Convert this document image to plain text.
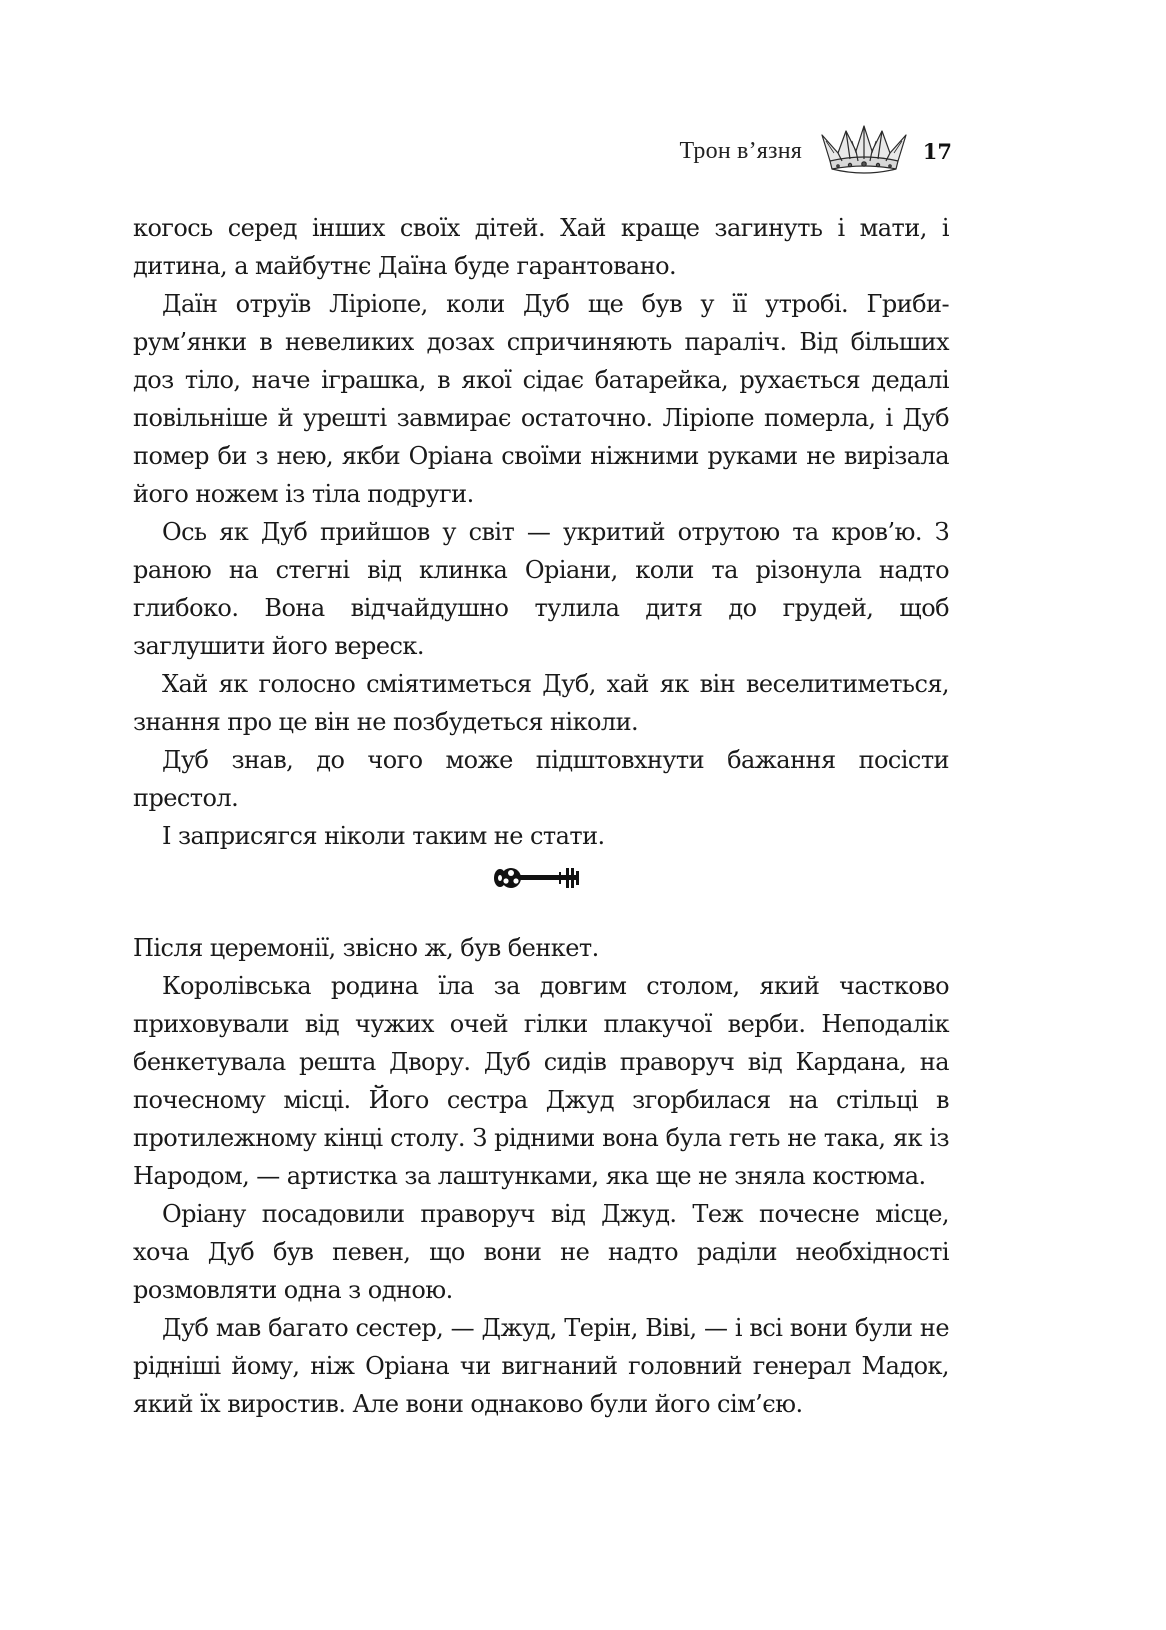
Трон в’язня	17

когось серед інших своїх дітей. Хай краще загинуть і мати, і дитина, а майбутнє Даїна буде гарантовано.

Даїн отруїв Ліріопе, коли Дуб ще був у її утробі. Гриби-рум’янки в невеликих дозах спричиняють параліч. Від більших доз тіло, наче іграшка, в якої сідає батарейка, рухається дедалі повільніше й урешті завмирає остаточно. Ліріопе померла, і Дуб помер би з нею, якби Оріана своїми ніжними руками не вирізала його ножем із тіла подруги.

Ось як Дуб прийшов у світ — укритий отрутою та кров’ю. З раною на стегні від клинка Оріани, коли та різонула надто глибоко. Вона відчайдушно тулила дитя до грудей, щоб заглушити його вереск.

Хай як голосно сміятиметься Дуб, хай як він веселитиметься, знання про це він не позбудеться ніколи.

Дуб знав, до чого може підштовхнути бажання посісти престол.

І заприсягся ніколи таким не стати.

Після церемонії, звісно ж, був бенкет.

Королівська родина їла за довгим столом, який частково приховували від чужих очей гілки плакучої верби. Неподалік бенкетувала решта Двору. Дуб сидів праворуч від Кардана, на почесному місці. Його сестра Джуд згорбилася на стільці в протилежному кінці столу. З рідними вона була геть не така, як із Народом, — артистка за лаштунками, яка ще не зняла костюма.

Оріану посадовили праворуч від Джуд. Теж почесне місце, хоча Дуб був певен, що вони не надто раділи необхідності розмовляти одна з одною.

Дуб мав багато сестер, — Джуд, Терін, Віві, — і всі вони були не рідніші йому, ніж Оріана чи вигнаний головний генерал Мадок, який їх виростив. Але вони однаково були його сім’єю.
